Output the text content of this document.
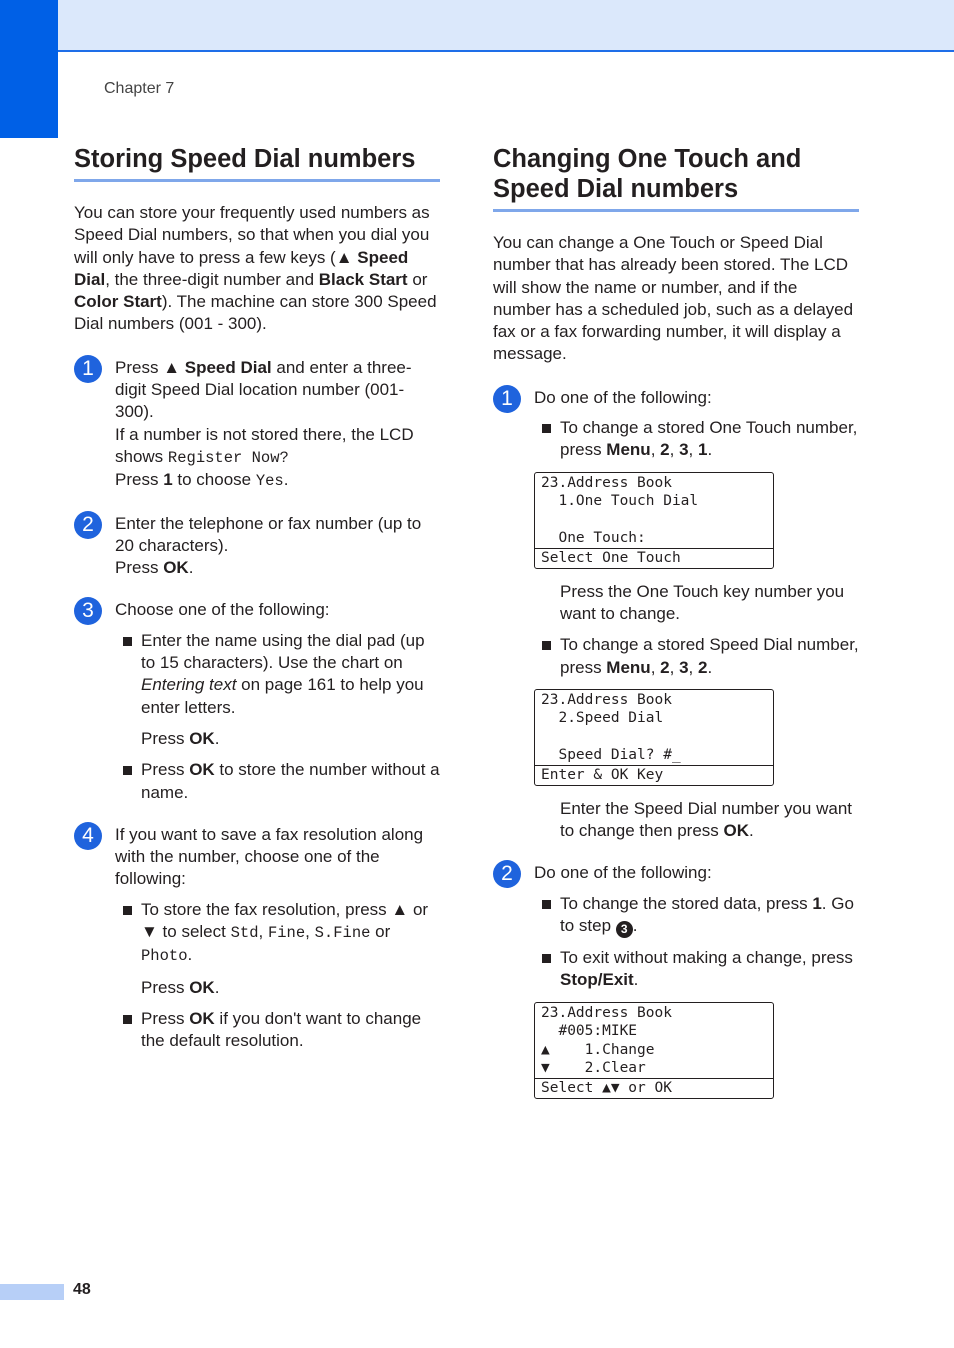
Chapter 7
Storing Speed Dial numbers

You can store your frequently used numbers as Speed Dial numbers, so that when you dial you will only have to press a few keys (▲ Speed Dial, the three-digit number and Black Start or Color Start). The machine can store 300 Speed Dial numbers (001 - 300).

1	Press ▲ Speed Dial and enter a three-digit Speed Dial location number (001-300).
If a number is not stored there, the LCD shows Register Now?
Press 1 to choose Yes.
2	Enter the telephone or fax number (up to 20 characters).
Press OK.
3	Choose one of the following:
Enter the name using the dial pad (up to 15 characters). Use the chart on Entering text on page 161 to help you enter letters.
Press OK.
Press OK to store the number without a name.
4	If you want to save a fax resolution along with the number, choose one of the following:
To store the fax resolution, press ▲ or ▼ to select Std, Fine, S.Fine or Photo.
Press OK.
Press OK if you don't want to change the default resolution.
Changing One Touch and
Speed Dial numbers

You can change a One Touch or Speed Dial number that has already been stored. The LCD will show the name or number, and if the number has a scheduled job, such as a delayed fax or a fax forwarding number, it will display a message.

1	Do one of the following:
To change a stored One Touch number, press Menu, 2, 3, 1.
23.Address Book
1.One Touch Dial
One Touch:
Select One Touch
Press the One Touch key number you want to change.
To change a stored Speed Dial number, press Menu, 2, 3, 2.
23.Address Book
2.Speed Dial
Speed Dial? #_
Enter & OK Key
Enter the Speed Dial number you want to change then press OK.
2	Do one of the following:
To change the stored data, press 1. Go to step 3 .
To exit without making a change, press Stop/Exit.
23.Address Book
#005:MIKE
▲    1.Change
▼    2.Clear
Select ▲▼ or OK
48
